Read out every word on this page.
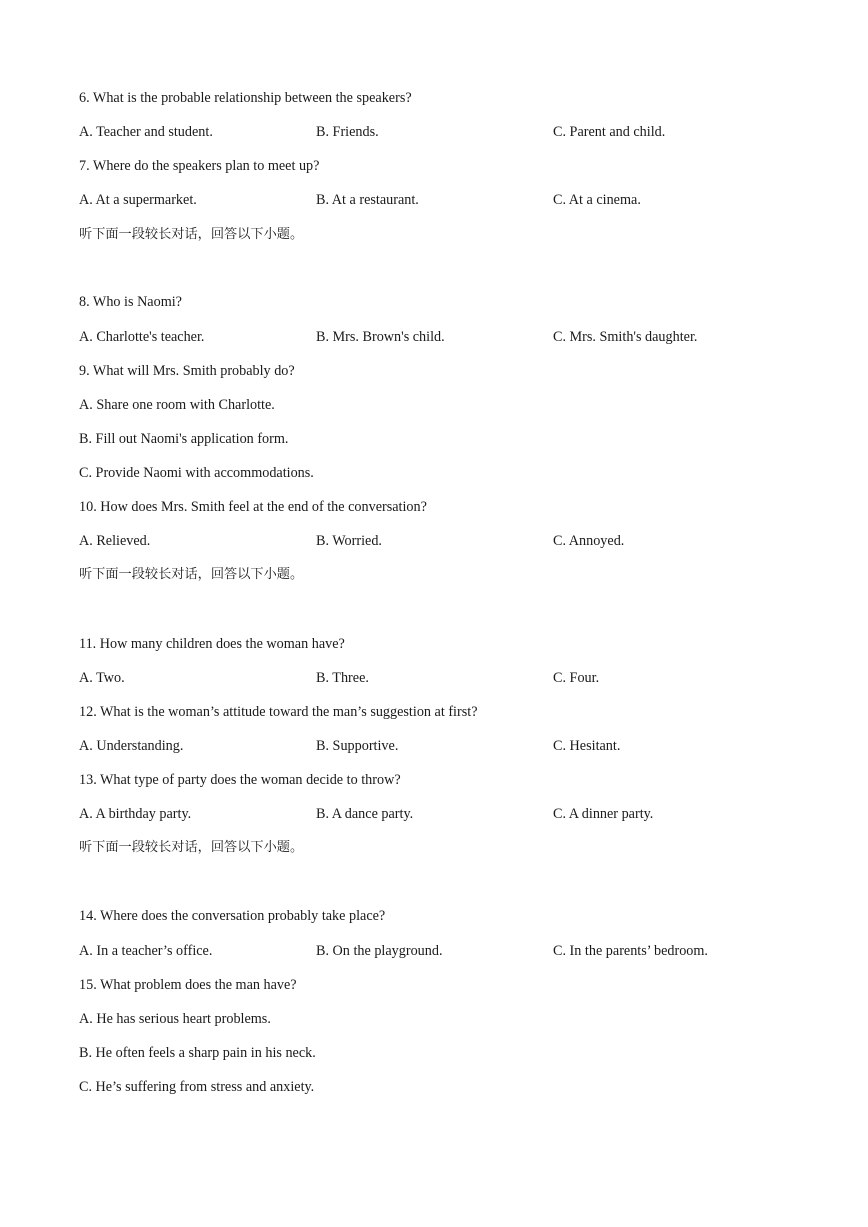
6. What is the probable relationship between the speakers?
A. Teacher and student.	B. Friends.	C. Parent and child.
7. Where do the speakers plan to meet up?
A. At a supermarket.	B. At a restaurant.	C. At a cinema.
听下面一段较长对话，回答以下小题。
8. Who is Naomi?
A. Charlotte's teacher.	B. Mrs. Brown's child.	C. Mrs. Smith's daughter.
9. What will Mrs. Smith probably do?
A. Share one room with Charlotte.
B. Fill out Naomi's application form.
C. Provide Naomi with accommodations.
10. How does Mrs. Smith feel at the end of the conversation?
A. Relieved.	B. Worried.	C. Annoyed.
听下面一段较长对话，回答以下小题。
11. How many children does the woman have?
A. Two.	B. Three.	C. Four.
12. What is the woman’s attitude toward the man’s suggestion at first?
A. Understanding.	B. Supportive.	C. Hesitant.
13. What type of party does the woman decide to throw?
A. A birthday party.	B. A dance party.	C. A dinner party.
听下面一段较长对话，回答以下小题。
14. Where does the conversation probably take place?
A. In a teacher’s office.	B. On the playground.	C. In the parents’ bedroom.
15. What problem does the man have?
A. He has serious heart problems.
B. He often feels a sharp pain in his neck.
C. He’s suffering from stress and anxiety.
